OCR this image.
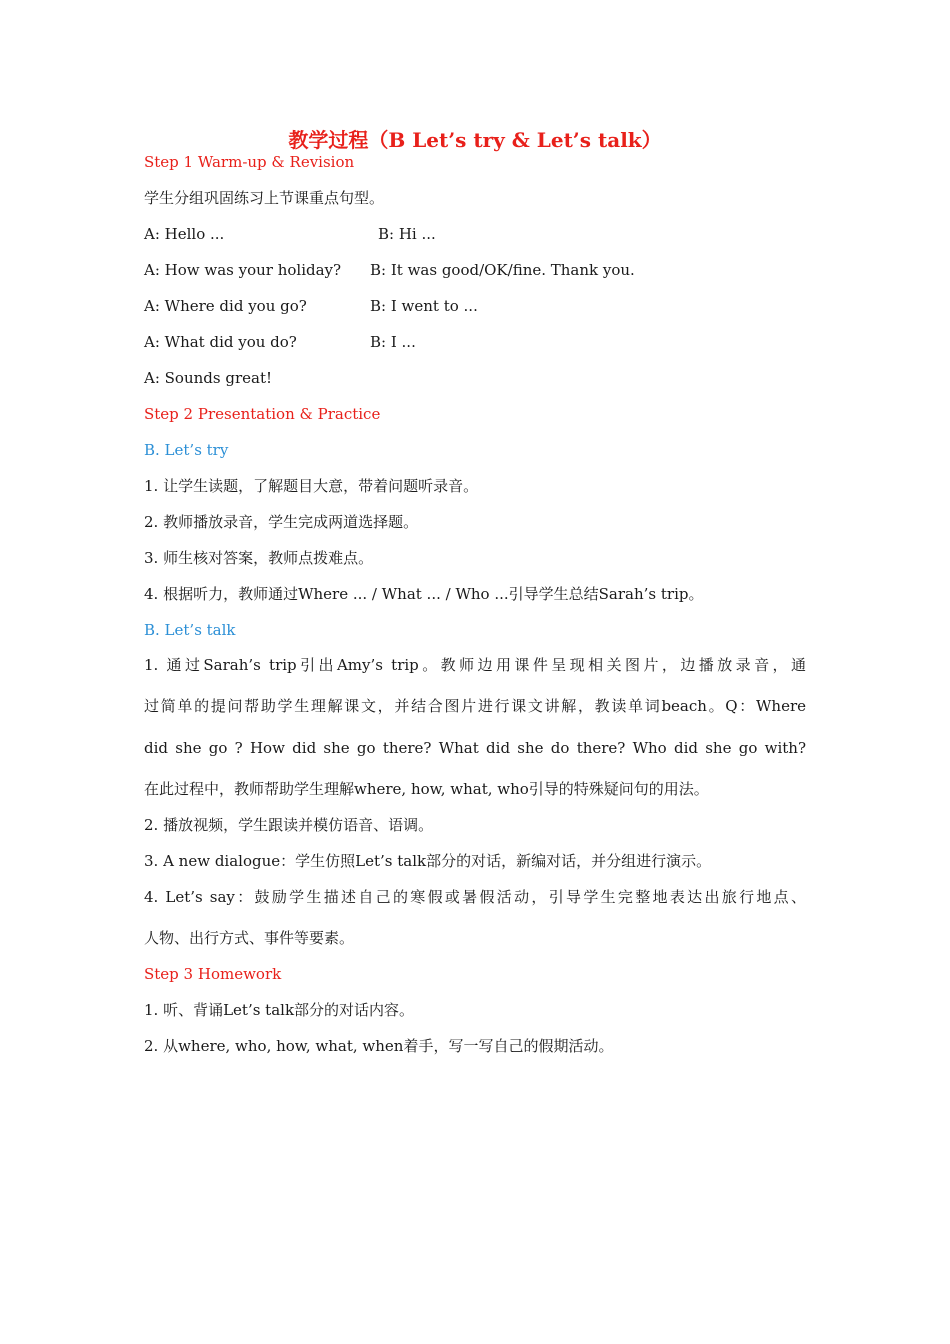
教学过程（B Let’s try & Let’s talk）
Step 1 Warm-up & Revision
学生分组巩固练习上节课重点句型。
A: Hello ...	B: Hi ...
A: How was your holiday? B: It was good/OK/fine. Thank you.
A: Where did you go?	B: I went to ...
A: What did you do?	B: I ...
A: Sounds great!
Step 2 Presentation & Practice
B. Let’s try
1. 让学生读题，了解题目大意，带着问题听录音。
2. 教师播放录音，学生完成两道选择题。
3. 师生核对答案，教师点拨难点。
4. 根据听力，教师通过Where ... / What ... / Who ...引导学生总结Sarah’s trip。
B. Let’s talk
1. 通过Sarah’s trip引出Amy’s trip。教师边用课件呈现相关图片，边播放录音，通
过简单的提问帮助学生理解课文，并结合图片进行课文讲解，教读单词beach。Q：Where
did she go ? How did she go there? What did she do there? Who did she go with?
在此过程中，教师帮助学生理解where, how, what, who引导的特殊疑问句的用法。
2. 播放视频，学生跟读并模仿语音、语调。
3. A new dialogue：学生仿照Let’s talk部分的对话，新编对话，并分组进行演示。
4. Let’s say：鼓励学生描述自己的寒假或暑假活动，引导学生完整地表达出旅行地点、
人物、出行方式、事件等要素。
Step 3 Homework
1. 听、背诵Let’s talk部分的对话内容。
2. 从where, who, how, what, when着手，写一写自己的假期活动。
